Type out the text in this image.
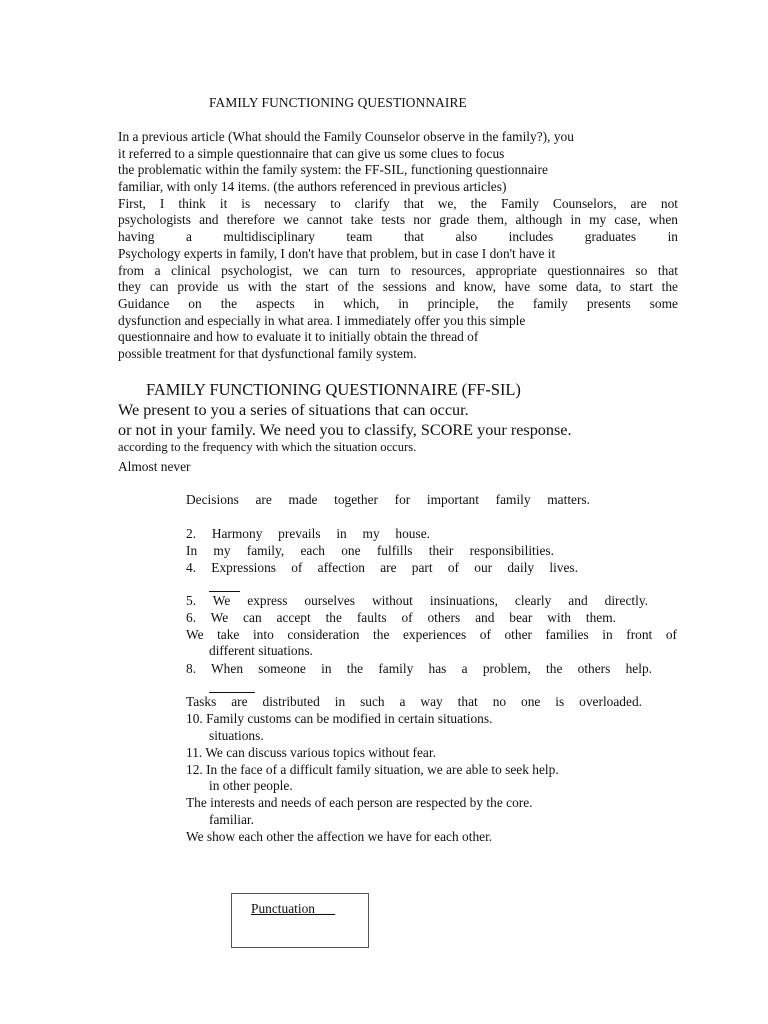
FAMILY FUNCTIONING QUESTIONNAIRE
In a previous article (What should the Family Counselor observe in the family?), you
it referred to a simple questionnaire that can give us some clues to focus
the problematic within the family system: the FF-SIL, functioning questionnaire
familiar, with only 14 items. (the authors referenced in previous articles)
First, I think it is necessary to clarify that we, the Family Counselors, are not
psychologists and therefore we cannot take tests nor grade them, although in my case, when
having a multidisciplinary team that also includes graduates in
Psychology experts in family, I don't have that problem, but in case I don't have it
from a clinical psychologist, we can turn to resources, appropriate questionnaires so that
they can provide us with the start of the sessions and know, have some data, to start the
Guidance on the aspects in which, in principle, the family presents some
dysfunction and especially in what area. I immediately offer you this simple
questionnaire and how to evaluate it to initially obtain the thread of
possible treatment for that dysfunctional family system.
FAMILY FUNCTIONING QUESTIONNAIRE (FF-SIL)
We present to you a series of situations that can occur.
or not in your family. We need you to classify, SCORE your response.
according to the frequency with which the situation occurs.
Almost never
Decisions are made together for important family matters.
2. Harmony prevails in my house.
In my family, each one fulfills their responsibilities.
4. Expressions of affection are part of our daily lives.
5. We express ourselves without insinuations, clearly and directly.
6. We can accept the faults of others and bear with them.
We take into consideration the experiences of other families in front of
different situations.
8. When someone in the family has a problem, the others help.
Tasks are distributed in such a way that no one is overloaded.
10. Family customs can be modified in certain situations.
situations.
11. We can discuss various topics without fear.
12. In the face of a difficult family situation, we are able to seek help.
in other people.
The interests and needs of each person are respected by the core.
familiar.
We show each other the affection we have for each other.
Punctuation___
